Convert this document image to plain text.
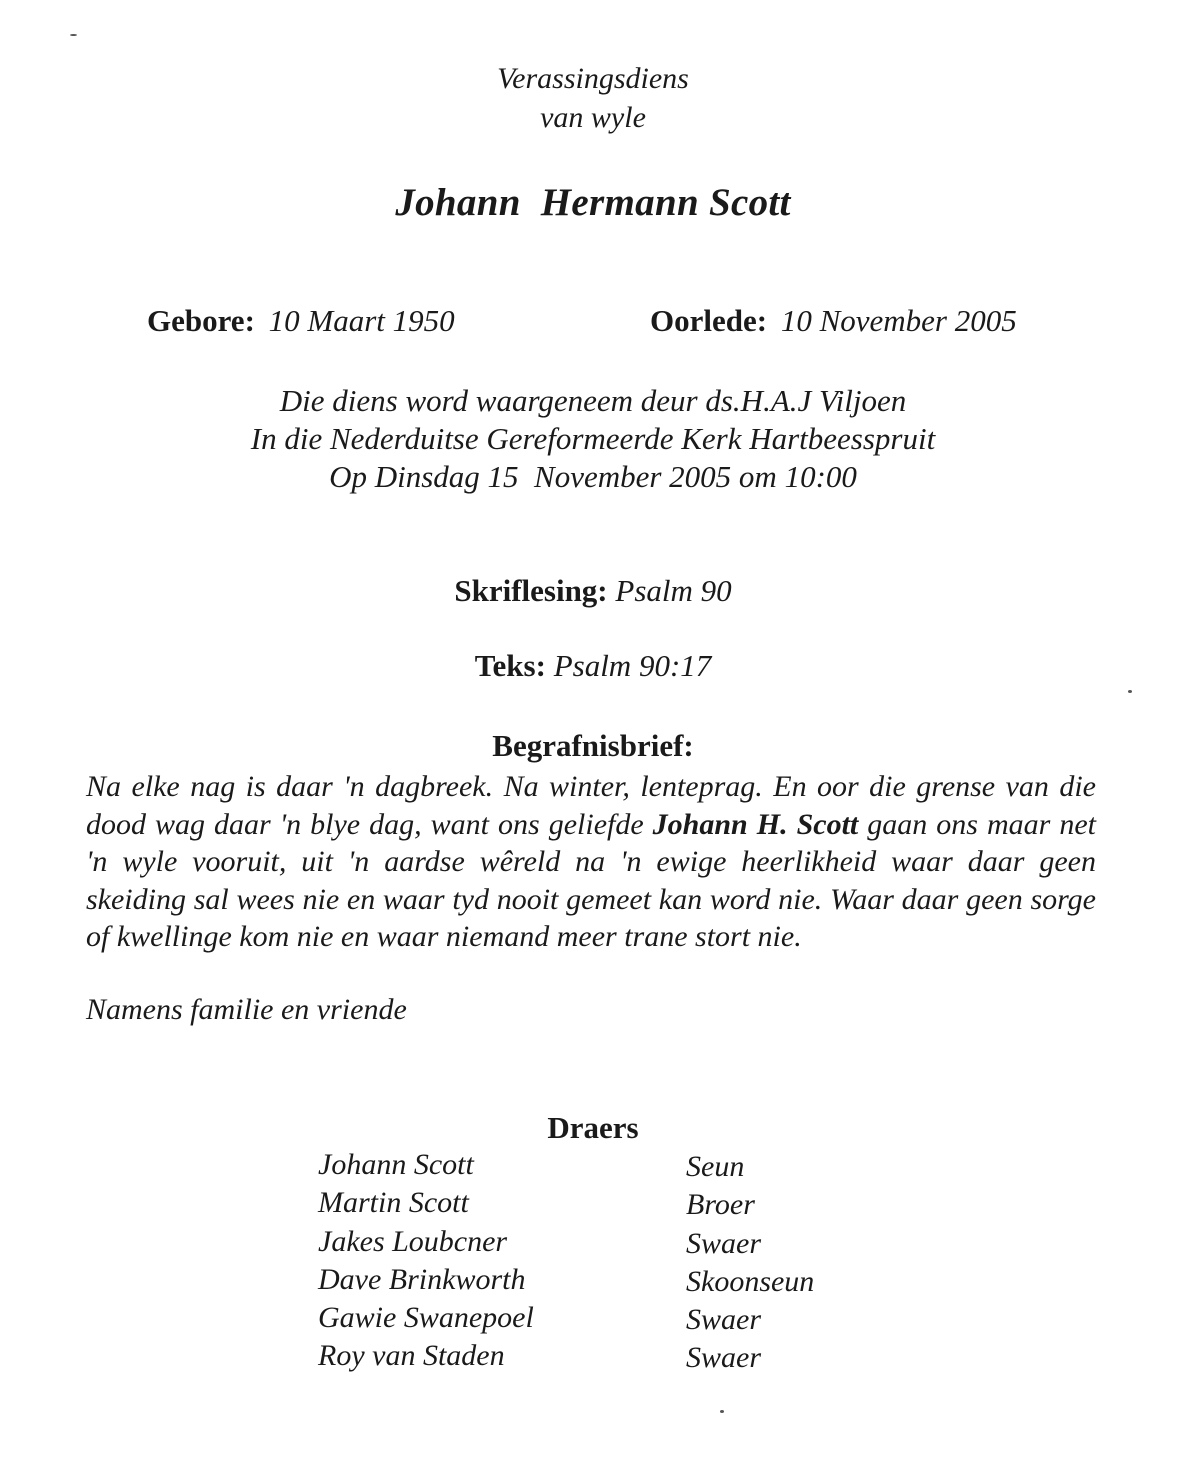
Verassingsdiens
van wyle
Johann  Hermann Scott
Gebore: 10 Maart 1950	Oorlede: 10 November 2005
Die diens word waargeneem deur ds.H.A.J Viljoen
In die Nederduitse Gereformeerde Kerk Hartbeesspruit
Op Dinsdag 15  November 2005 om 10:00
Skriflesing: Psalm 90
Teks: Psalm 90:17
Begrafnisbrief:
Na elke nag is daar 'n dagbreek. Na winter, lenteprag. En oor die grense van die dood wag daar 'n blye dag, want ons geliefde Johann H. Scott gaan ons maar net 'n wyle vooruit, uit 'n aardse wêreld na 'n ewige heerlikheid waar daar geen skeiding sal wees nie en waar tyd nooit gemeet kan word nie. Waar daar geen sorge of kwellinge kom nie en waar niemand meer trane stort nie.
Namens familie en vriende
Draers
Johann Scott	Seun
Martin Scott	Broer
Jakes Loubcner	Swaer
Dave Brinkworth	Skoonseun
Gawie Swanepoel	Swaer
Roy van Staden	Swaer
